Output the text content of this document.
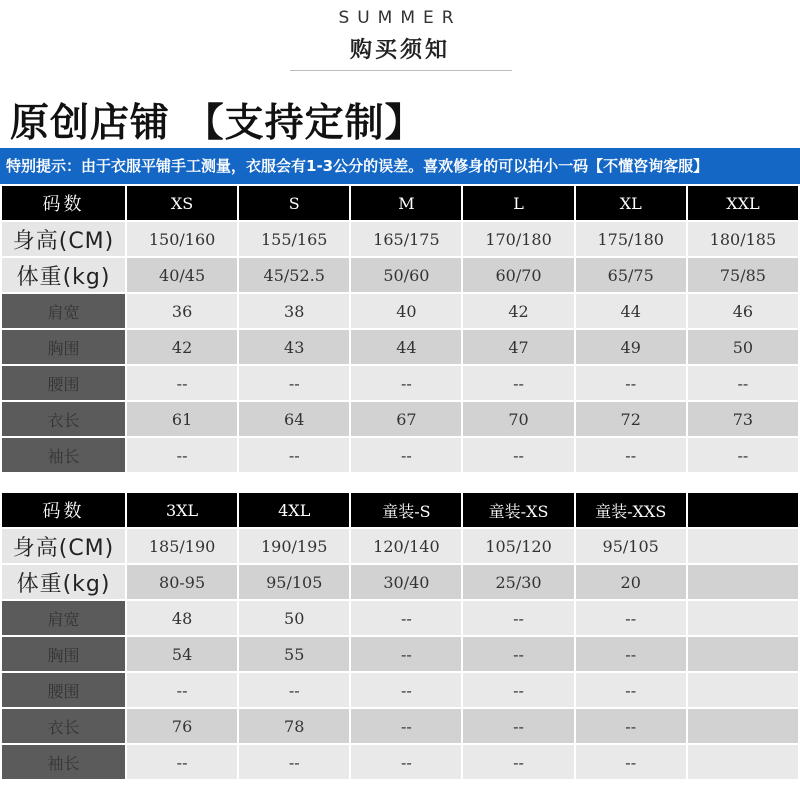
SUMMER
购买须知
原创店铺 【支持定制】
特别提示：由于衣服平铺手工测量，衣服会有1-3公分的误差。喜欢修身的可以拍小一码【不懂咨询客服】
码数	XS	S	M	L	XL	XXL
身高(CM)	150/160	155/165	165/175	170/180	175/180	180/185
体重(kg)	40/45	45/52.5	50/60	60/70	65/75	75/85
肩宽	36	38	40	42	44	46
胸围	42	43	44	47	49	50
腰围	--	--	--	--	--	--
衣长	61	64	67	70	72	73
袖长	--	--	--	--	--	--
码数	3XL	4XL	童装-S	童装-XS	童装-XXS	
身高(CM)	185/190	190/195	120/140	105/120	95/105	
体重(kg)	80-95	95/105	30/40	25/30	20	
肩宽	48	50	--	--	--	
胸围	54	55	--	--	--	
腰围	--	--	--	--	--	
衣长	76	78	--	--	--	
袖长	--	--	--	--	--	
